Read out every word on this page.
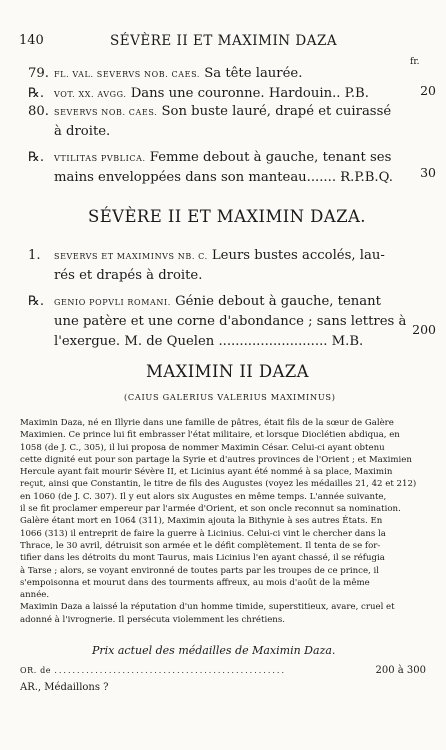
140	SÉVÈRE II ET MAXIMIN DAZA
fr.
79. FL. VAL. SEVERVS NOB. CAES. Sa tête laurée.
℞. VOT. XX. AVGG. Dans une couronne. Hardouin.. P.B.	20
80. SEVERVS NOB. CAES. Son buste lauré, drapé et cuirassé
à droite.
℞. VTILITAS PVBLICA. Femme debout à gauche, tenant ses
mains enveloppées dans son manteau....... Ɍ.P.B.Q. 30
SÉVÈRE II ET MAXIMIN DAZA.
1. SEVERVS ET MAXIMINVS NB. C. Leurs bustes accolés, lau-
rés et drapés à droite.
℞. GENIO POPVLI ROMANI. Génie debout à gauche, tenant
une patère et une corne d'abondance ; sans lettres à
l'exergue. M. de Quelen .......................... M.B.
200
MAXIMIN II DAZA
(CAIUS GALERIUS VALERIUS MAXIMINUS)
Maximin Daza, né en Illyrie dans une famille de pâtres, était fils de la sœur de Galère
Maximien. Ce prince lui fit embrasser l'état militaire, et lorsque Dioclétien abdiqua, en
1058 (de J. C., 305), il lui proposa de nommer Maximin César. Celui-ci ayant obtenu
cette dignité eut pour son partage la Syrie et d'autres provinces de l'Orient ; et Maximien
Hercule ayant fait mourir Sévère II, et Licinius ayant été nommé à sa place, Maximin
reçut, ainsi que Constantin, le titre de fils des Augustes (voyez les médailles 21, 42 et 212)
en 1060 (de J. C. 307). Il y eut alors six Augustes en même temps. L'année suivante,
il se fit proclamer empereur par l'armée d'Orient, et son oncle reconnut sa nomination.
Galère étant mort en 1064 (311), Maximin ajouta la Bithynie à ses autres États. En
1066 (313) il entreprit de faire la guerre à Licinius. Celui-ci vint le chercher dans la
Thrace, le 30 avril, détruisit son armée et le défit complètement. Il tenta de se for-
tifier dans les détroits du mont Taurus, mais Licinius l'en ayant chassé, il se réfugia
à Tarse ; alors, se voyant environné de toutes parts par les troupes de ce prince, il
s'empoisonna et mourut dans des tourments affreux, au mois d'août de la même
année.
Maximin Daza a laissé la réputation d'un homme timide, superstitieux, avare, cruel et
adonné à l'ivrognerie. Il persécuta violemment les chrétiens.
Prix actuel des médailles de Maximin Daza.
OR. de ...................................................	200 à 300
AR., Médaillons ?
